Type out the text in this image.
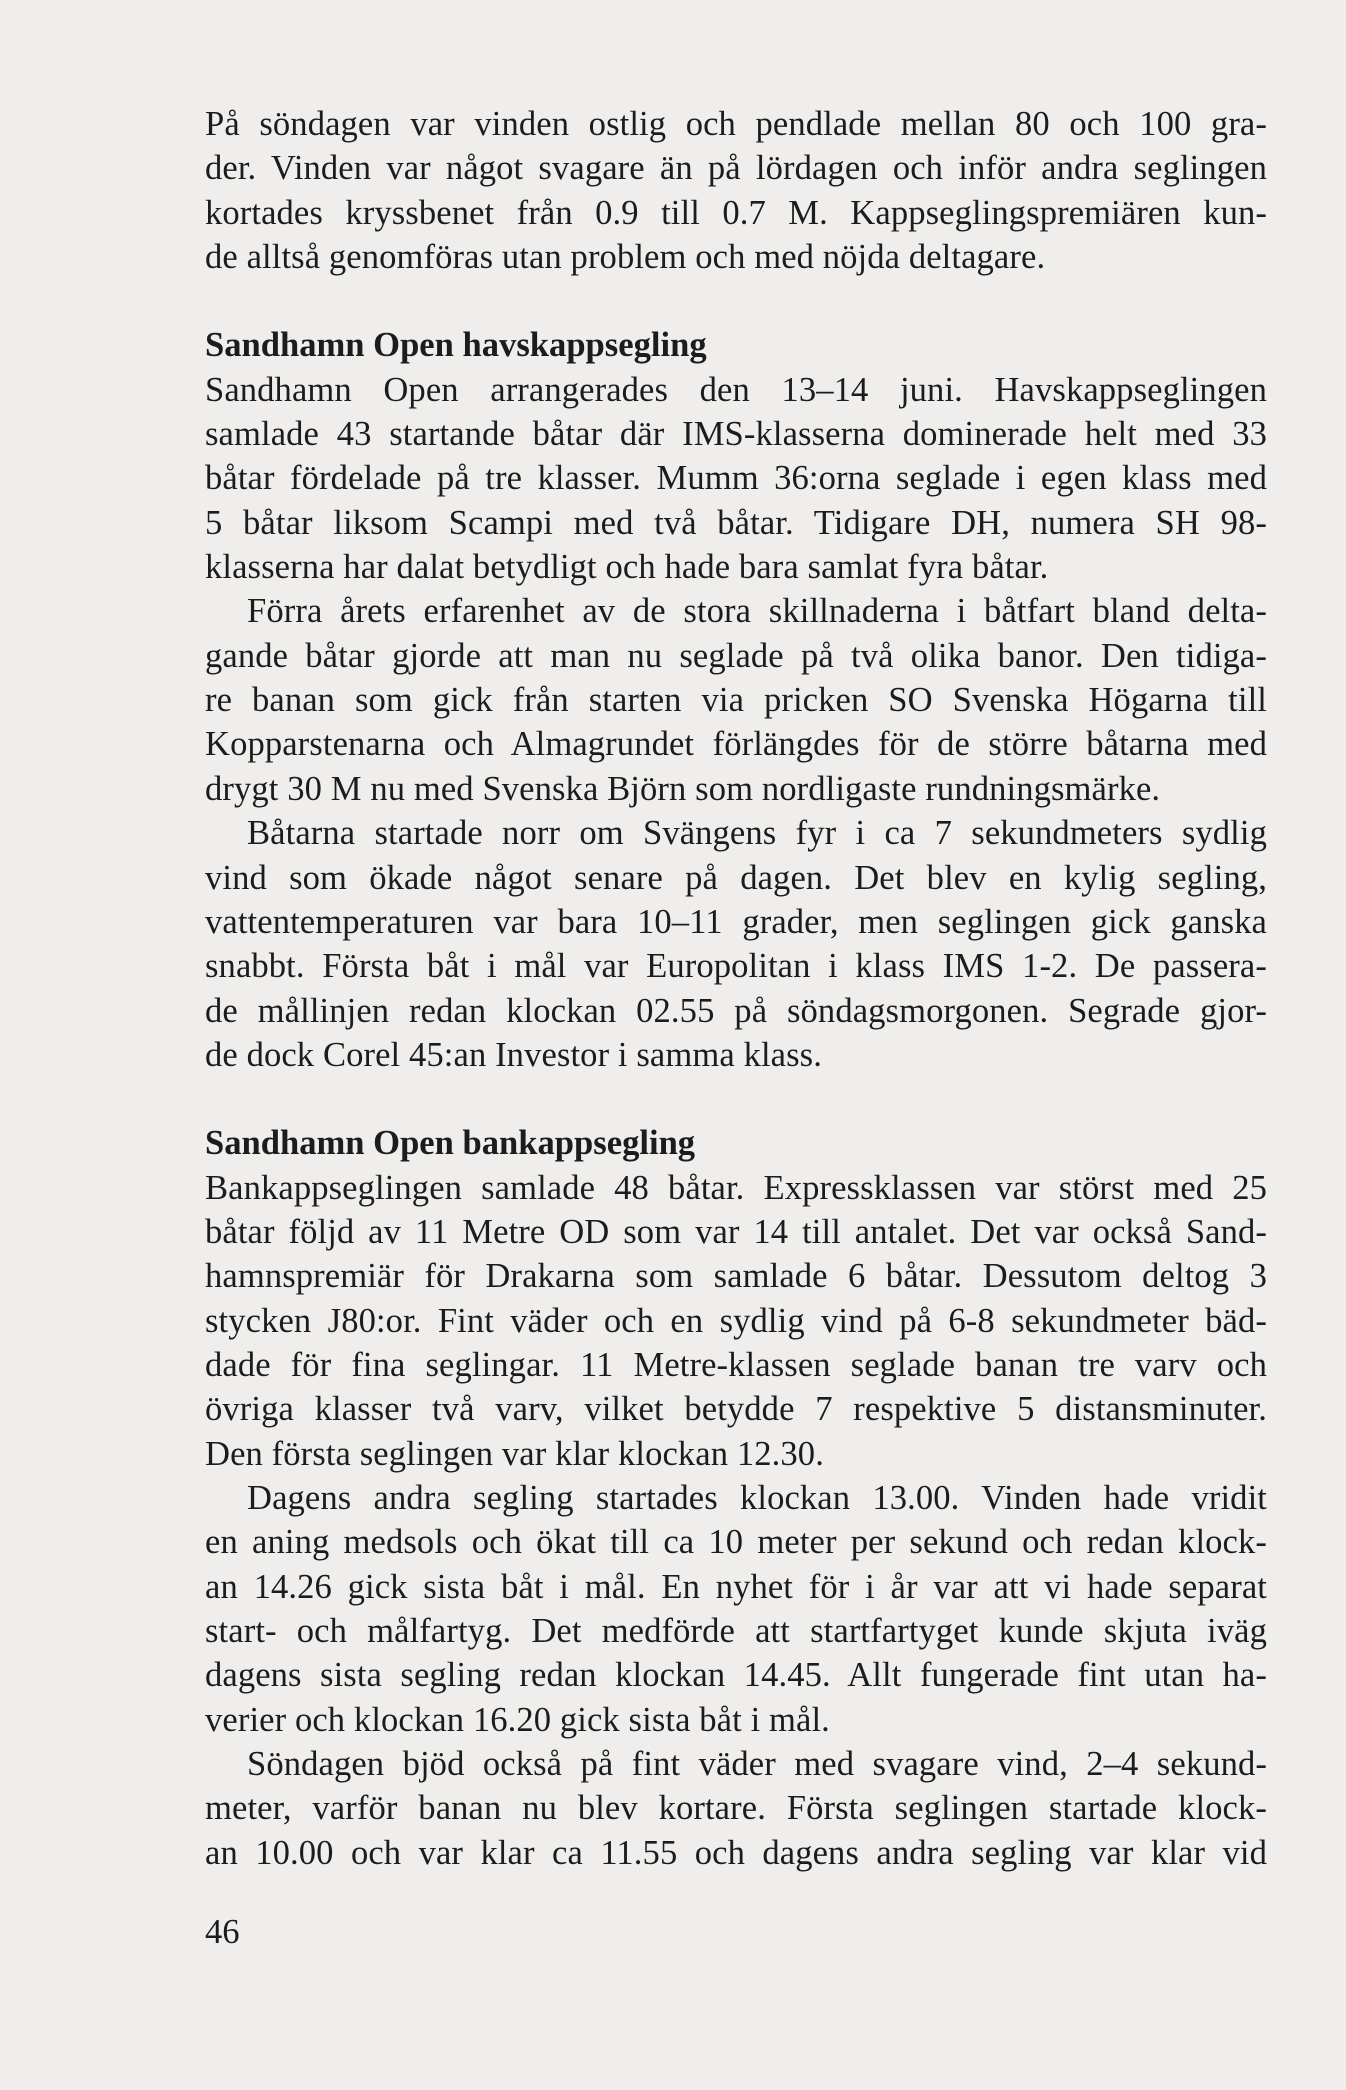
På söndagen var vinden ostlig och pendlade mellan 80 och 100 gra-
der. Vinden var något svagare än på lördagen och inför andra seglingen
kortades kryssbenet från 0.9 till 0.7 M. Kappseglingspremiären kun-
de alltså genomföras utan problem och med nöjda deltagare.

Sandhamn Open havskappsegling

Sandhamn Open arrangerades den 13–14 juni. Havskappseglingen
samlade 43 startande båtar där IMS-klasserna dominerade helt med 33
båtar fördelade på tre klasser. Mumm 36:orna seglade i egen klass med
5 båtar liksom Scampi med två båtar. Tidigare DH, numera SH 98-
klasserna har dalat betydligt och hade bara samlat fyra båtar.

Förra årets erfarenhet av de stora skillnaderna i båtfart bland delta-
gande båtar gjorde att man nu seglade på två olika banor. Den tidiga-
re banan som gick från starten via pricken SO Svenska Högarna till
Kopparstenarna och Almagrundet förlängdes för de större båtarna med
drygt 30 M nu med Svenska Björn som nordligaste rundningsmärke.

Båtarna startade norr om Svängens fyr i ca 7 sekundmeters sydlig
vind som ökade något senare på dagen. Det blev en kylig segling,
vattentemperaturen var bara 10–11 grader, men seglingen gick ganska
snabbt. Första båt i mål var Europolitan i klass IMS 1-2. De passera-
de mållinjen redan klockan 02.55 på söndagsmorgonen. Segrade gjor-
de dock Corel 45:an Investor i samma klass.

Sandhamn Open bankappsegling

Bankappseglingen samlade 48 båtar. Expressklassen var störst med 25
båtar följd av 11 Metre OD som var 14 till antalet. Det var också Sand-
hamnspremiär för Drakarna som samlade 6 båtar. Dessutom deltog 3
stycken J80:or. Fint väder och en sydlig vind på 6-8 sekundmeter bäd-
dade för fina seglingar. 11 Metre-klassen seglade banan tre varv och
övriga klasser två varv, vilket betydde 7 respektive 5 distansminuter.
Den första seglingen var klar klockan 12.30.

Dagens andra segling startades klockan 13.00. Vinden hade vridit
en aning medsols och ökat till ca 10 meter per sekund och redan klock-
an 14.26 gick sista båt i mål. En nyhet för i år var att vi hade separat
start- och målfartyg. Det medförde att startfartyget kunde skjuta iväg
dagens sista segling redan klockan 14.45. Allt fungerade fint utan ha-
verier och klockan 16.20 gick sista båt i mål.

Söndagen bjöd också på fint väder med svagare vind, 2–4 sekund-
meter, varför banan nu blev kortare. Första seglingen startade klock-
an 10.00 och var klar ca 11.55 och dagens andra segling var klar vid

46
